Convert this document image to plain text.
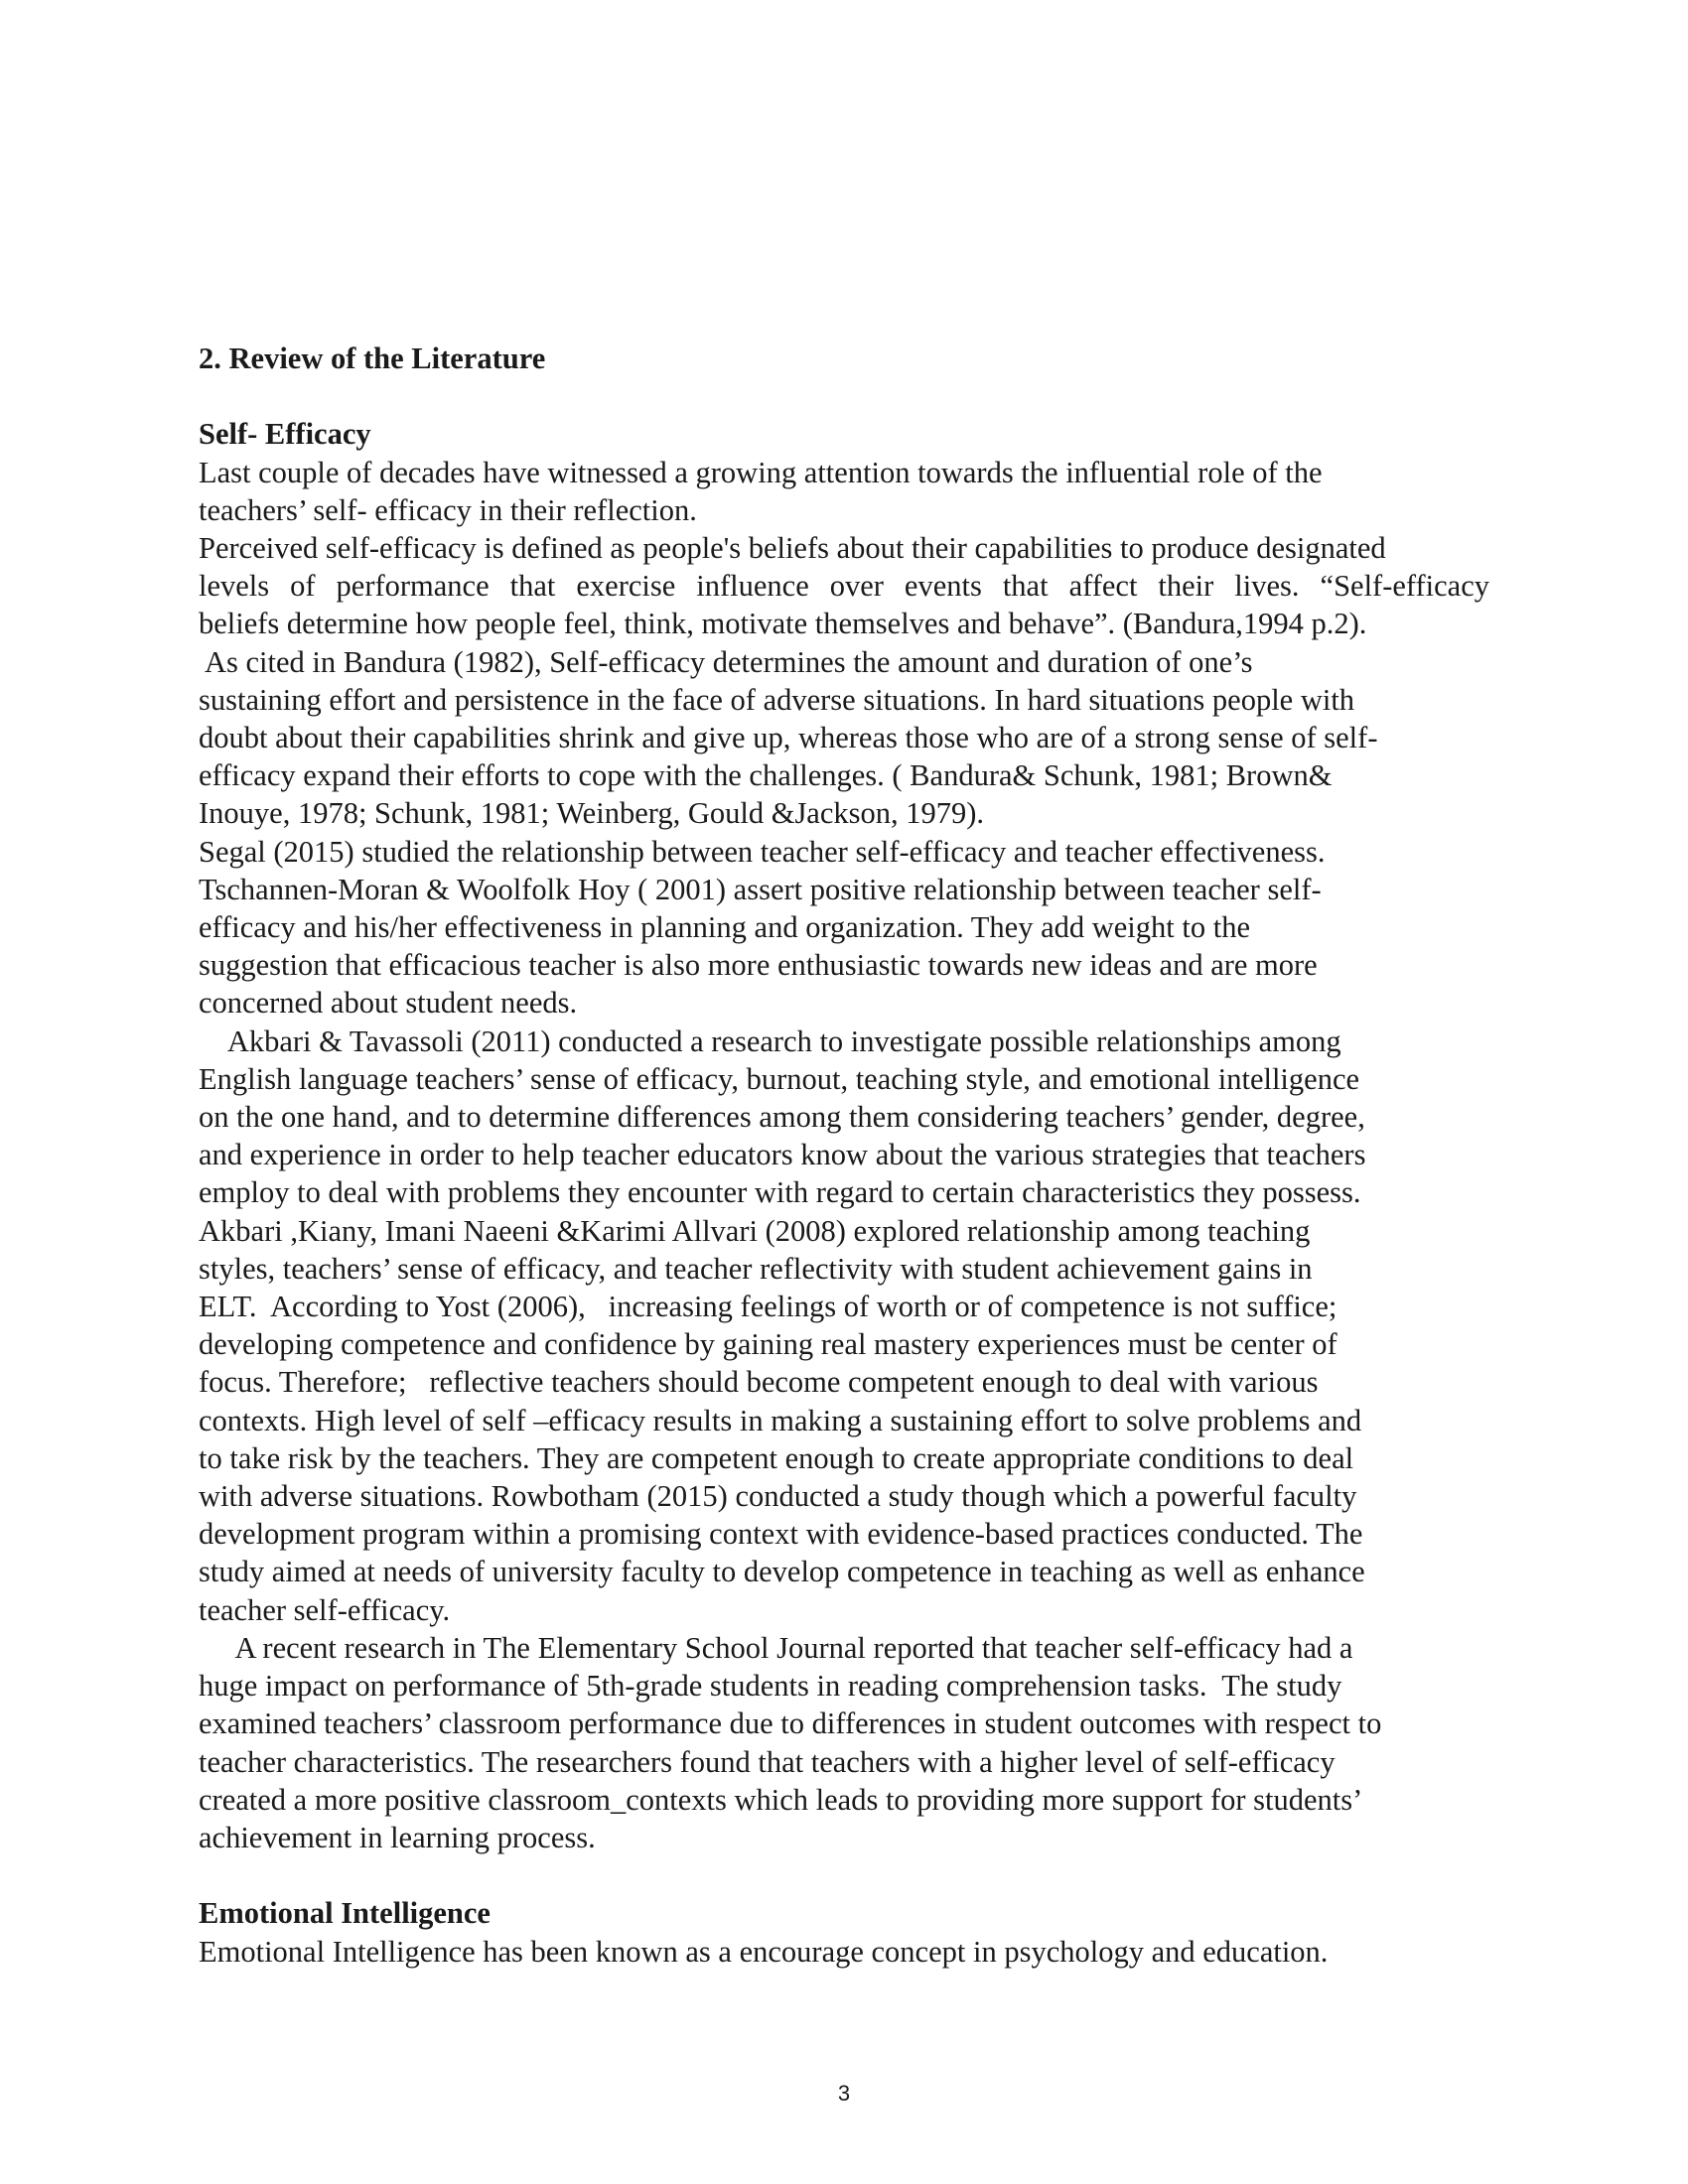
2. Review of the Literature
Self- Efficacy
Last couple of decades have witnessed a growing attention towards the influential role of the
teachers’ self- efficacy in their reflection.
Perceived self-efficacy is defined as people's beliefs about their capabilities to produce designated
levels of performance that exercise influence over events that affect their lives. “Self-efficacy
beliefs determine how people feel, think, motivate themselves and behave”. (Bandura,1994 p.2).
As cited in Bandura (1982), Self-efficacy determines the amount and duration of one’s
sustaining effort and persistence in the face of adverse situations. In hard situations people with
doubt about their capabilities shrink and give up, whereas those who are of a strong sense of self-
efficacy expand their efforts to cope with the challenges. ( Bandura& Schunk, 1981; Brown&
Inouye, 1978; Schunk, 1981; Weinberg, Gould &Jackson, 1979).
Segal (2015) studied the relationship between teacher self-efficacy and teacher effectiveness.
Tschannen-Moran & Woolfolk Hoy ( 2001) assert positive relationship between teacher self-
efficacy and his/her effectiveness in planning and organization. They add weight to the
suggestion that efficacious teacher is also more enthusiastic towards new ideas and are more
concerned about student needs.
Akbari & Tavassoli (2011) conducted a research to investigate possible relationships among
English language teachers’ sense of efficacy, burnout, teaching style, and emotional intelligence
on the one hand, and to determine differences among them considering teachers’ gender, degree,
and experience in order to help teacher educators know about the various strategies that teachers
employ to deal with problems they encounter with regard to certain characteristics they possess.
Akbari ,Kiany, Imani Naeeni &Karimi Allvari (2008) explored relationship among teaching
styles, teachers’ sense of efficacy, and teacher reflectivity with student achievement gains in
ELT.  According to Yost (2006),   increasing feelings of worth or of competence is not suffice;
developing competence and confidence by gaining real mastery experiences must be center of
focus. Therefore;   reflective teachers should become competent enough to deal with various
contexts. High level of self –efficacy results in making a sustaining effort to solve problems and
to take risk by the teachers. They are competent enough to create appropriate conditions to deal
with adverse situations. Rowbotham (2015) conducted a study though which a powerful faculty
development program within a promising context with evidence-based practices conducted. The
study aimed at needs of university faculty to develop competence in teaching as well as enhance
teacher self-efficacy.
A recent research in The Elementary School Journal reported that teacher self-efficacy had a
huge impact on performance of 5th-grade students in reading comprehension tasks.  The study
examined teachers’ classroom performance due to differences in student outcomes with respect to
teacher characteristics. The researchers found that teachers with a higher level of self-efficacy
created a more positive classroom_contexts which leads to providing more support for students’
achievement in learning process.
Emotional Intelligence
Emotional Intelligence has been known as a encourage concept in psychology and education.
3
